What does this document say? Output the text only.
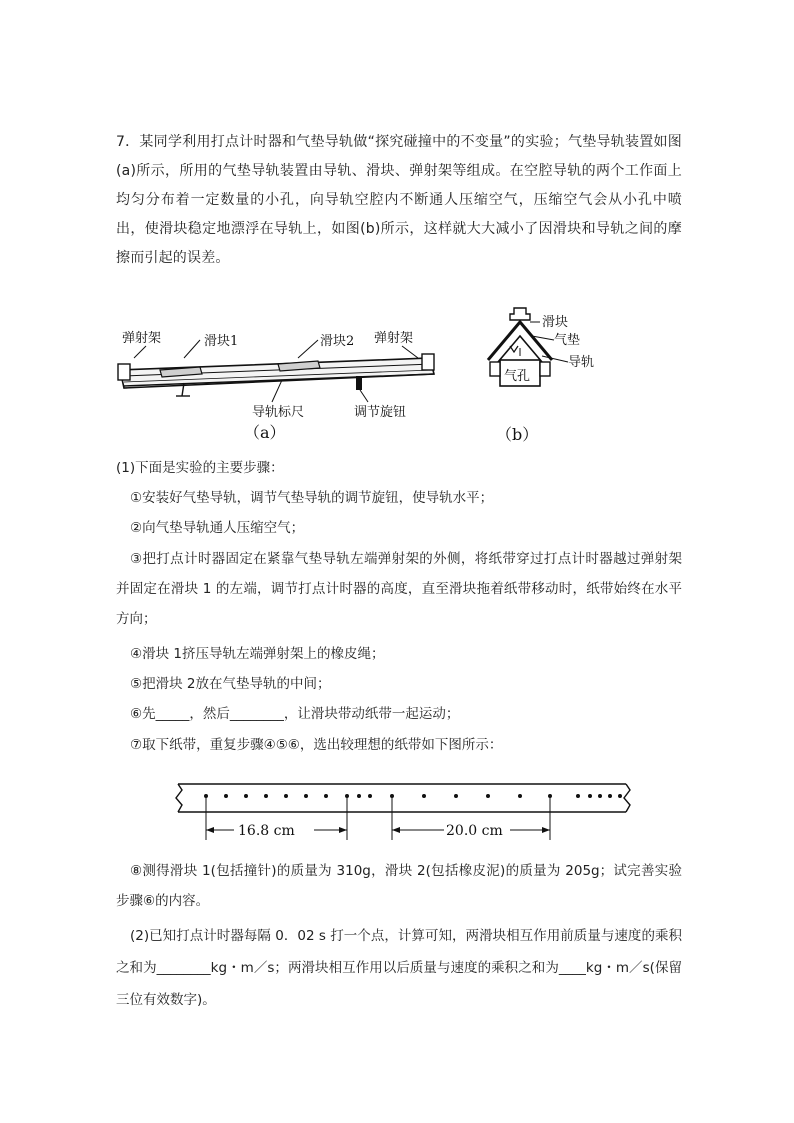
7．某同学利用打点计时器和气垫导轨做“探究碰撞中的不变量”的实验；气垫导轨装置如图(a)所示，所用的气垫导轨装置由导轨、滑块、弹射架等组成。在空腔导轨的两个工作面上均匀分布着一定数量的小孔，向导轨空腔内不断通人压缩空气，压缩空气会从小孔中喷出，使滑块稳定地漂浮在导轨上，如图(b)所示，这样就大大减小了因滑块和导轨之间的摩擦而引起的误差。
弹射架	滑块1	滑块2 弹射架
导轨标尺	调节旋钮
（a）
气孔
滑块
气垫
导轨
（b）
(1)下面是实验的主要步骤：
①安装好气垫导轨，调节气垫导轨的调节旋钮，使导轨水平；
②向气垫导轨通人压缩空气；
③把打点计时器固定在紧靠气垫导轨左端弹射架的外侧，将纸带穿过打点计时器越过弹射架并固定在滑块 1 的左端，调节打点计时器的高度，直至滑块拖着纸带移动时，纸带始终在水平方向；
④滑块 1挤压导轨左端弹射架上的橡皮绳；
⑤把滑块 2放在气垫导轨的中间；
⑥先_____，然后________，让滑块带动纸带一起运动；
⑦取下纸带，重复步骤④⑤⑥，选出较理想的纸带如下图所示：
16.8 cm	20.0 cm
⑧测得滑块 1(包括撞针)的质量为 310g，滑块 2(包括橡皮泥)的质量为 205g；试完善实验步骤⑥的内容。
(2)已知打点计时器每隔 0．02 s 打一个点，计算可知，两滑块相互作用前质量与速度的乘积之和为________kg・m／s；两滑块相互作用以后质量与速度的乘积之和为____kg・m／s(保留三位有效数字)。
